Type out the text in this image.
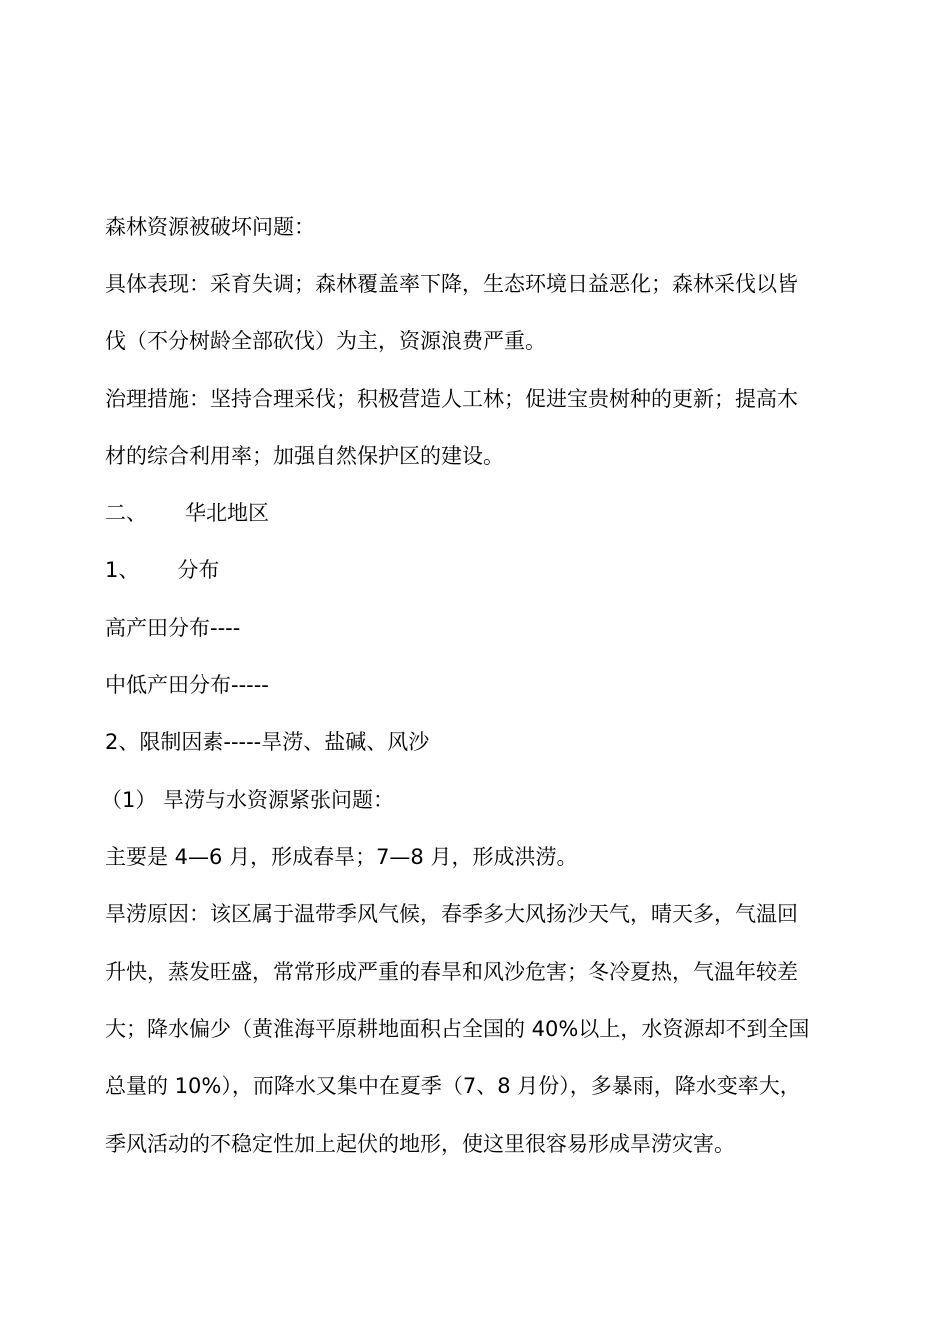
森林资源被破坏问题：
具体表现：采育失调；森林覆盖率下降，生态环境日益恶化；森林采伐以皆
伐（不分树龄全部砍伐）为主，资源浪费严重。
治理措施：坚持合理采伐；积极营造人工林；促进宝贵树种的更新；提高木
材的综合利用率；加强自然保护区的建设。
二、 华北地区
1、 分布
高产田分布----
中低产田分布-----
2、限制因素-----旱涝、盐碱、风沙
（1） 旱涝与水资源紧张问题：
主要是 4—6 月，形成春旱；7—8 月，形成洪涝。
旱涝原因：该区属于温带季风气候，春季多大风扬沙天气，晴天多，气温回
升快，蒸发旺盛，常常形成严重的春旱和风沙危害；冬冷夏热，气温年较差
大；降水偏少（黄淮海平原耕地面积占全国的 40%以上，水资源却不到全国
总量的 10%），而降水又集中在夏季（7、8 月份），多暴雨，降水变率大，
季风活动的不稳定性加上起伏的地形，使这里很容易形成旱涝灾害。
